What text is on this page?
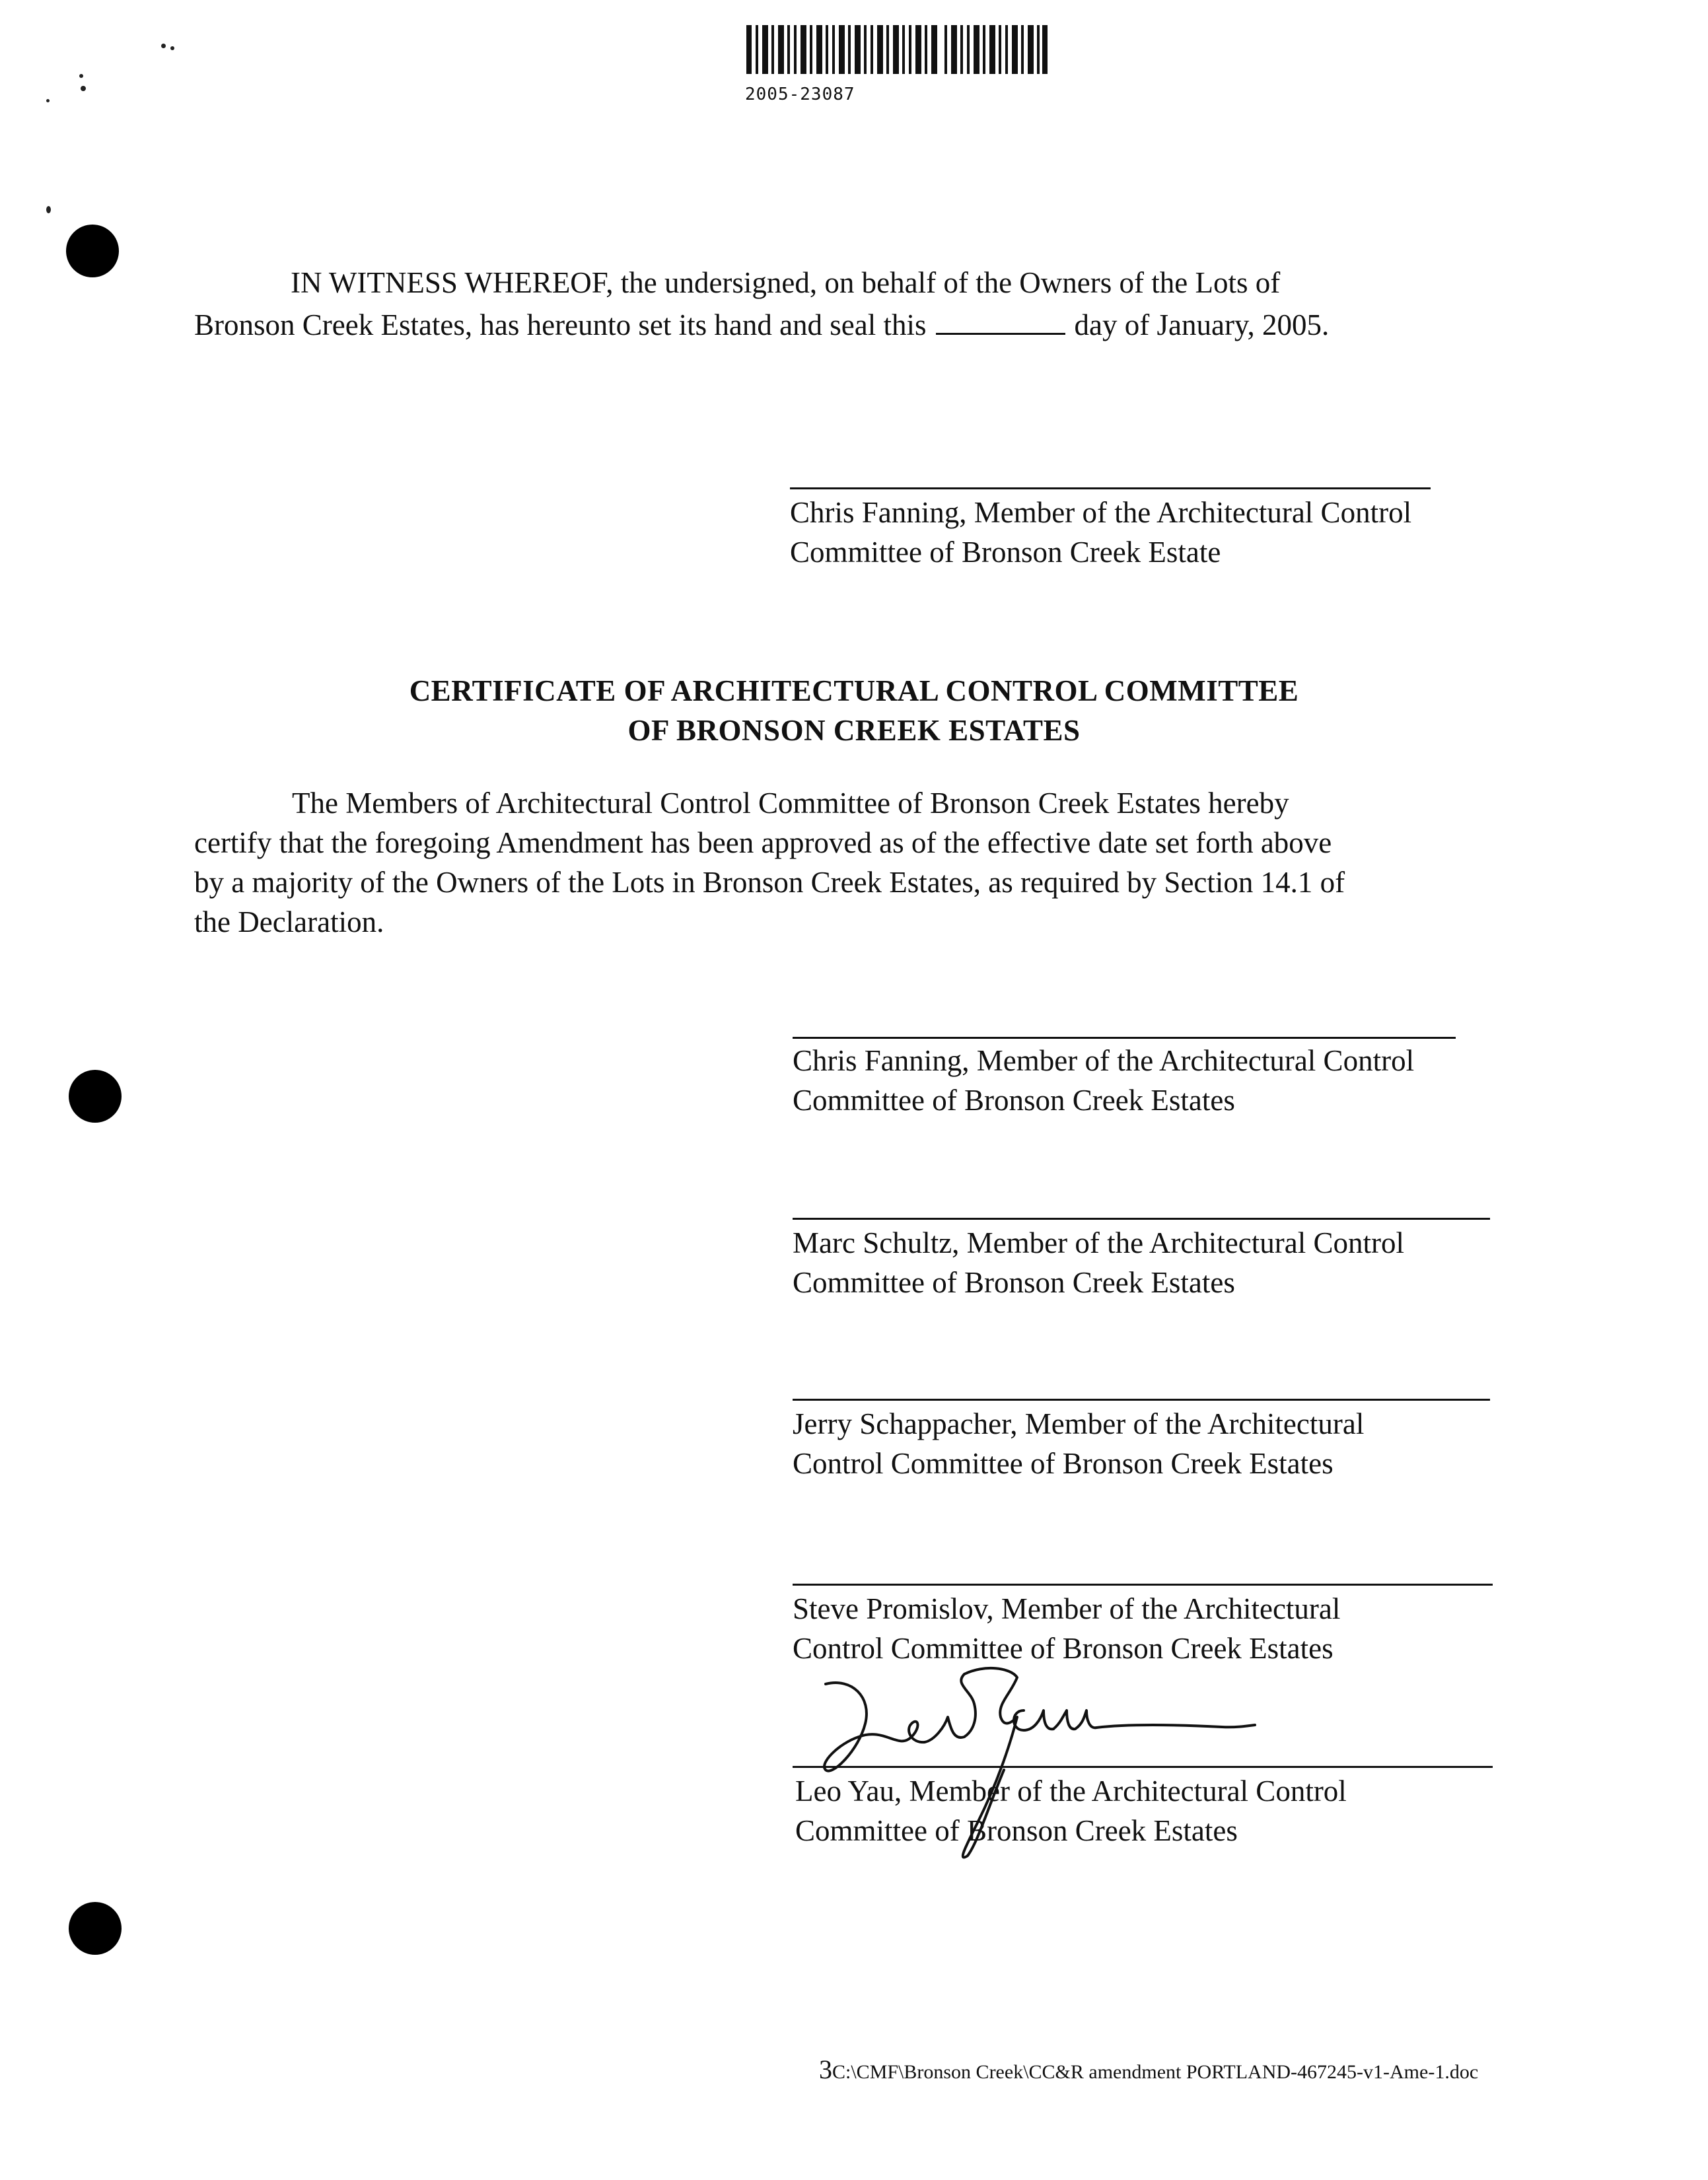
2005-23087
IN WITNESS WHEREOF, the undersigned, on behalf of the Owners of the Lots of
Bronson Creek Estates, has hereunto set its hand and seal this	day of January, 2005.
Chris Fanning, Member of the Architectural Control
Committee of Bronson Creek Estate
CERTIFICATE OF ARCHITECTURAL CONTROL COMMITTEE
OF BRONSON CREEK ESTATES
The Members of Architectural Control Committee of Bronson Creek Estates hereby
certify that the foregoing Amendment has been approved as of the effective date set forth above
by a majority of the Owners of the Lots in Bronson Creek Estates, as required by Section 14.1 of
the Declaration.
Chris Fanning, Member of the Architectural Control
Committee of Bronson Creek Estates
Marc Schultz, Member of the Architectural Control
Committee of Bronson Creek Estates
Jerry Schappacher, Member of the Architectural
Control Committee of Bronson Creek Estates
Steve Promislov, Member of the Architectural
Control Committee of Bronson Creek Estates
Leo Yau, Member of the Architectural Control
Committee of Bronson Creek Estates
3C:\CMF\Bronson Creek\CC&R amendment PORTLAND-467245-v1-Ame-1.doc
